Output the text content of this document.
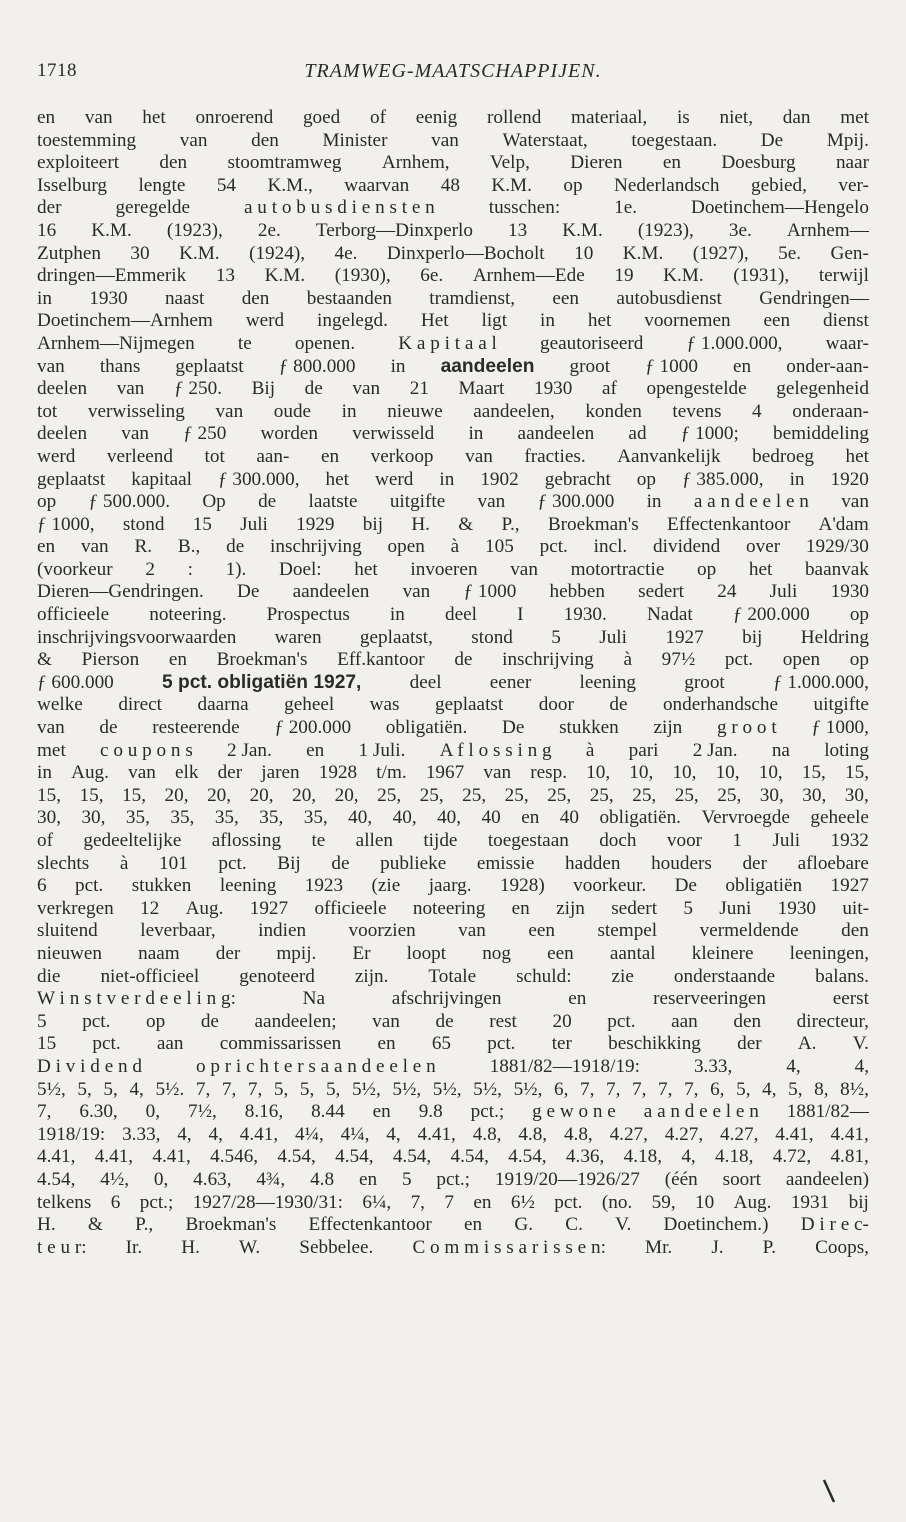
1718	TRAMWEG-MAATSCHAPPIJEN.
en van het onroerend goed of eenig rollend materiaal, is niet, dan met
toestemming van den Minister van Waterstaat, toegestaan. De Mpij.
exploiteert den stoomtramweg Arnhem, Velp, Dieren en Doesburg naar
Isselburg lengte 54 K.M., waarvan 48 K.M. op Nederlandsch gebied, ver-
der	geregelde	a u t o b u s d i e n s t e n	tusschen:	1e.	Doetinchem—Hengelo
16 K.M. (1923), 2e. Terborg—Dinxperlo 13 K.M. (1923), 3e. Arnhem—
Zutphen 30 K.M. (1924), 4e. Dinxperlo—Bocholt 10 K.M. (1927), 5e. Gen-
dringen—Emmerik 13 K.M. (1930), 6e. Arnhem—Ede 19 K.M. (1931), terwijl
in 1930 naast den bestaanden tramdienst, een autobusdienst Gendringen—
Doetinchem—Arnhem werd ingelegd. Het ligt in het voornemen een dienst
Arnhem—Nijmegen te openen. K a p i t a a l geautoriseerd ƒ 1.000.000, waar-
van thans geplaatst ƒ 800.000 in aandeelen groot ƒ 1000 en onder-aan-
deelen van ƒ 250. Bij de van 21 Maart 1930 af opengestelde gelegenheid
tot verwisseling van oude in nieuwe aandeelen, konden tevens 4 onderaan-
deelen van ƒ 250 worden verwisseld in aandeelen ad ƒ 1000; bemiddeling
werd verleend tot aan- en verkoop van fracties. Aanvankelijk bedroeg het
geplaatst kapitaal ƒ 300.000, het werd in 1902 gebracht op ƒ 385.000, in 1920
op ƒ 500.000. Op de laatste uitgifte van ƒ 300.000 in a a n d e e l e n van
ƒ 1000, stond 15 Juli 1929 bij H. & P., Broekman's Effectenkantoor A'dam
en van R. B., de inschrijving open à 105 pct. incl. dividend over 1929/30
(voorkeur 2 : 1). Doel: het invoeren van motortractie op het baanvak
Dieren—Gendringen. De aandeelen van ƒ 1000 hebben sedert 24 Juli 1930
officieele noteering. Prospectus in deel I 1930. Nadat ƒ 200.000 op
inschrijvingsvoorwaarden waren geplaatst, stond 5 Juli 1927 bij Heldring
& Pierson en Broekman's Eff.kantoor de inschrijving à 97½ pct. open op
ƒ 600.000	5 pct. obligatiën 1927,	deel	eener	leening	groot	ƒ 1.000.000,
welke direct daarna geheel was geplaatst door de onderhandsche uitgifte
van de resteerende ƒ 200.000 obligatiën. De stukken zijn g r o o t ƒ 1000,
met c o u p o n s 2 Jan. en 1 Juli. A f l o s s i n g à pari 2 Jan. na loting
in Aug. van elk der jaren 1928 t/m. 1967 van resp. 10, 10, 10, 10, 10, 15, 15,
15, 15, 15, 20, 20, 20, 20, 20, 25, 25, 25, 25, 25, 25, 25, 25, 25, 30, 30, 30,
30, 30, 35, 35, 35, 35, 35, 40, 40, 40, 40 en 40 obligatiën. Vervroegde geheele
of gedeeltelijke aflossing te allen tijde toegestaan doch voor 1 Juli 1932
slechts à 101 pct. Bij de publieke emissie hadden houders der afloebare
6 pct. stukken leening 1923 (zie jaarg. 1928) voorkeur. De obligatiën 1927
verkregen 12 Aug. 1927 officieele noteering en zijn sedert 5 Juni 1930 uit-
sluitend leverbaar, indien voorzien van een stempel vermeldende den
nieuwen naam der mpij. Er loopt nog een aantal kleinere leeningen,
die niet-officieel genoteerd zijn. Totale schuld: zie onderstaande balans.
W i n s t v e r d e e l i n g:	Na	afschrijvingen	en	reserveeringen	eerst
5 pct. op de aandeelen; van de rest 20 pct. aan den directeur,
15 pct. aan commissarissen en 65 pct. ter beschikking der A. V.
D i v i d e n d	o p r i c h t e r s a a n d e e l e n	1881/82—1918/19:	3.33,	4,	4,
5½, 5, 5, 4, 5½. 7, 7, 7, 5, 5, 5, 5½, 5½, 5½, 5½, 5½, 6, 7, 7, 7, 7, 7, 6, 5, 4, 5, 8, 8½,
7, 6.30, 0, 7½, 8.16, 8.44 en 9.8 pct.; g e w o n e a a n d e e l e n 1881/82—
1918/19: 3.33, 4, 4, 4.41, 4¼, 4¼, 4, 4.41, 4.8, 4.8, 4.8, 4.27, 4.27, 4.27, 4.41, 4.41,
4.41, 4.41, 4.41, 4.546, 4.54, 4.54, 4.54, 4.54, 4.54, 4.36, 4.18, 4, 4.18, 4.72, 4.81,
4.54, 4½, 0, 4.63, 4¾, 4.8 en 5 pct.; 1919/20—1926/27 (één soort aandeelen)
telkens 6 pct.; 1927/28—1930/31: 6¼, 7, 7 en 6½ pct. (no. 59, 10 Aug. 1931 bij
H. & P., Broekman's Effectenkantoor en G. C. V. Doetinchem.) D i r e c-
t e u r: Ir. H. W. Sebbelee. C o m m i s s a r i s s e n: Mr. J. P. Coops,
